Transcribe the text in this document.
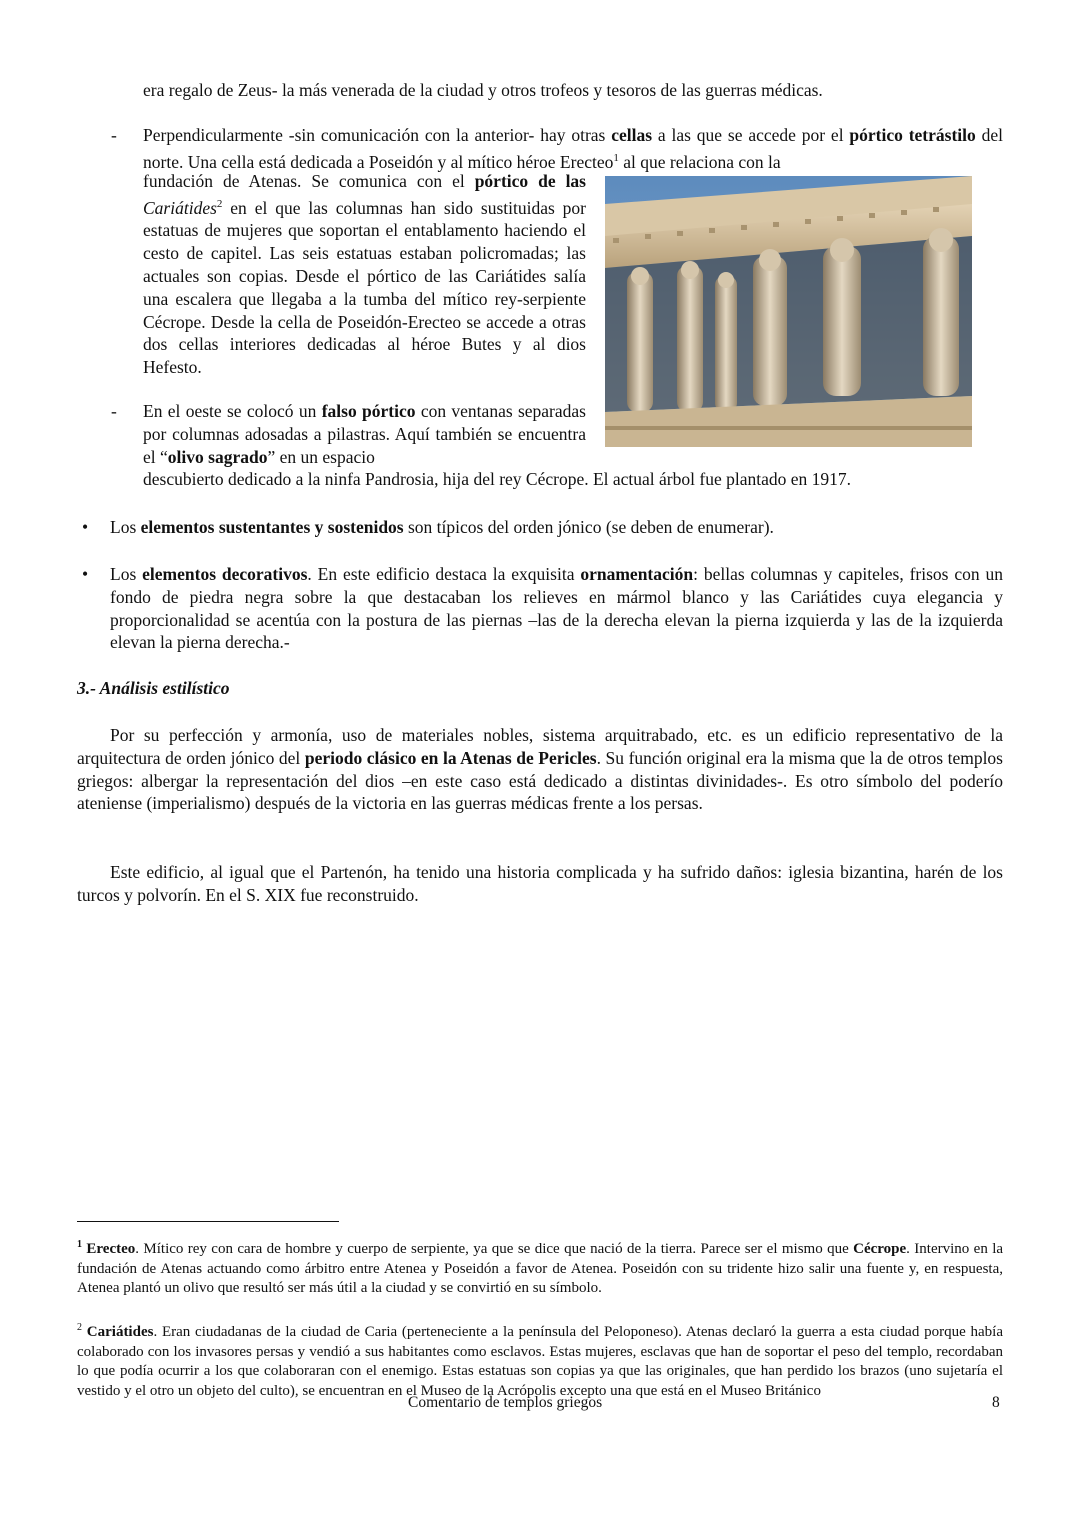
era regalo de Zeus- la más venerada de la ciudad y otros trofeos y tesoros de las guerras médicas.
- Perpendicularmente -sin comunicación con la anterior- hay otras cellas a las que se accede por el pórtico tetrástilo del norte. Una cella está dedicada a Poseidón y al mítico héroe Erecteo$^1$ al que relaciona con la
fundación de Atenas. Se comunica con el pórtico de las Cariátides$^2$ en el que las columnas han sido sustituidas por estatuas de mujeres que soportan el entablamento haciendo el cesto de capitel. Las seis estatuas estaban policromadas; las actuales son copias. Desde el pórtico de las Cariátides salía una escalera que llegaba a la tumba del mítico rey-serpiente Cécrope. Desde la cella de Poseidón-Erecteo se accede a otras dos cellas interiores dedicadas al héroe Butes y al dios Hefesto.
- En el oeste se colocó un falso pórtico con ventanas separadas por columnas adosadas a pilastras. Aquí también se encuentra el “olivo sagrado” en un espacio
descubierto dedicado a la ninfa Pandrosia, hija del rey Cécrope. El actual árbol fue plantado en 1917.
• Los elementos sustentantes y sostenidos son típicos del orden jónico (se deben de enumerar).
• Los elementos decorativos. En este edificio destaca la exquisita ornamentación: bellas columnas y capiteles, frisos con un fondo de piedra negra sobre la que destacaban los relieves en mármol blanco y las Cariátides cuya elegancia y proporcionalidad se acentúa con la postura de las piernas –las de la derecha elevan la pierna izquierda y las de la izquierda elevan la pierna derecha.-
3.- Análisis estilístico
Por su perfección y armonía, uso de materiales nobles, sistema arquitrabado, etc. es un edificio representativo de la arquitectura de orden jónico del periodo clásico en la Atenas de Pericles. Su función original era la misma que la de otros templos griegos: albergar la representación del dios –en este caso está dedicado a distintas divinidades-. Es otro símbolo del poderío ateniense (imperialismo) después de la victoria en las guerras médicas frente a los persas.
Este edificio, al igual que el Partenón, ha tenido una historia complicada y ha sufrido daños: iglesia bizantina, harén de los turcos y polvorín. En el S. XIX fue reconstruido.
$^1$ Erecteo. Mítico rey con cara de hombre y cuerpo de serpiente, ya que se dice que nació de la tierra. Parece ser el mismo que Cécrope. Intervino en la fundación de Atenas actuando como árbitro entre Atenea y Poseidón a favor de Atenea. Poseidón con su tridente hizo salir una fuente y, en respuesta, Atenea plantó un olivo que resultó ser más útil a la ciudad y se convirtió en su símbolo.
$^2$ Cariátides. Eran ciudadanas de la ciudad de Caria (perteneciente a la península del Peloponeso). Atenas declaró la guerra a esta ciudad porque había colaborado con los invasores persas y vendió a sus habitantes como esclavos. Estas mujeres, esclavas que han de soportar el peso del templo, recordaban lo que podía ocurrir a los que colaboraran con el enemigo. Estas estatuas son copias ya que las originales, que han perdido los brazos (uno sujetaría el vestido y el otro un objeto del culto), se encuentran en el Museo de la Acrópolis excepto una que está en el Museo Británico
Comentario de templos griegos	8
